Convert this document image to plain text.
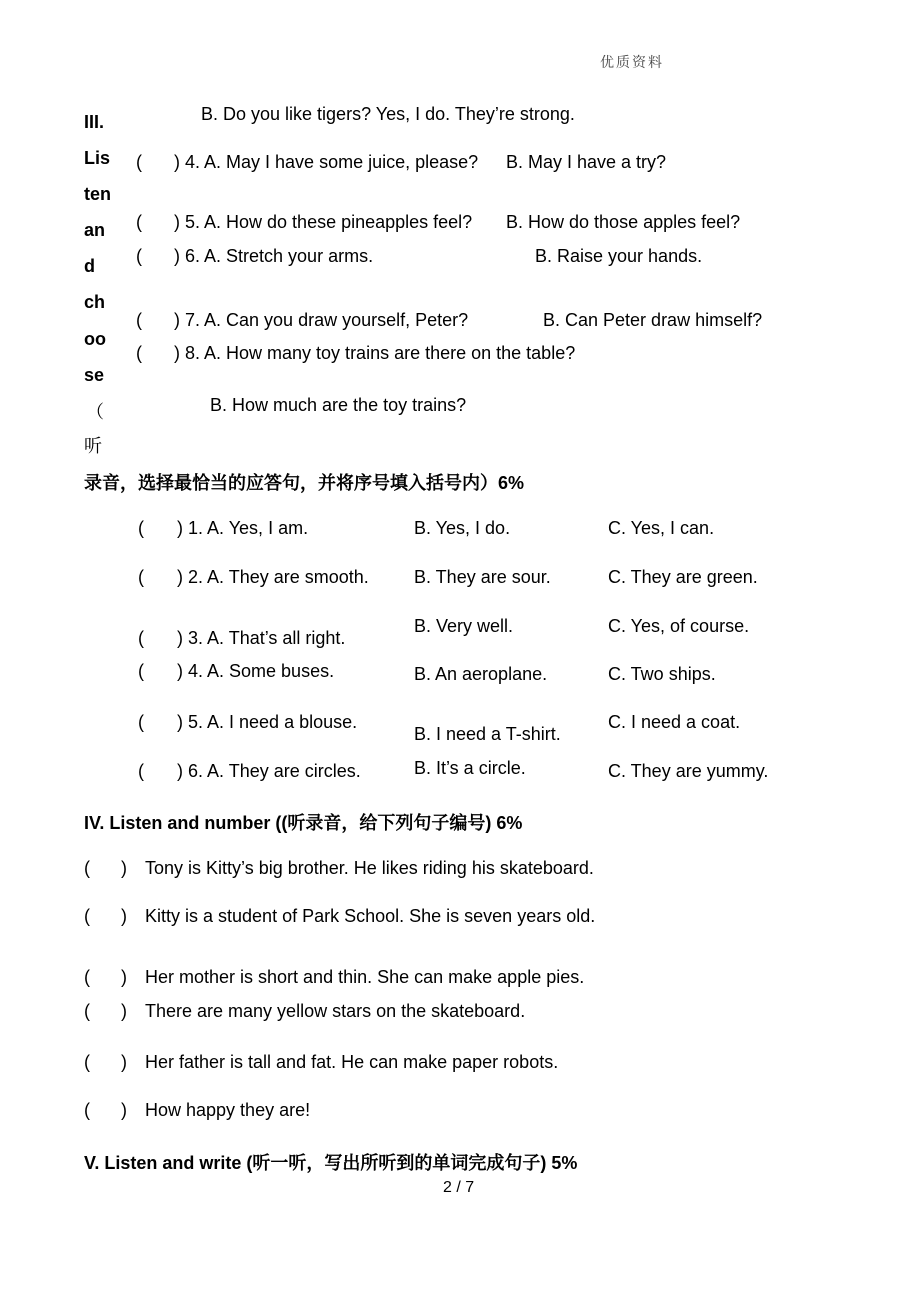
优质资料
III.
Lis
ten
an
d
ch
oo
se
（
听
录音，选择最恰当的应答句，并将序号填入括号内）6%
B. Do you like tigers? Yes, I do. They’re strong.
( ) 4. A. May I have some juice, please? B. May I have a try?
( ) 5. A. How do these pineapples feel? B. How do those apples feel?
( ) 6. A. Stretch your arms.	B. Raise your hands.
( ) 7. A. Can you draw yourself, Peter?	B. Can Peter draw himself?
( ) 8. A. How many toy trains are there on the table?
B. How much are the toy trains?
( ) 1. A. Yes, I am.	B. Yes, I do.	C. Yes, I can.
( ) 2. A. They are smooth.	B. They are sour.	C. They are green.
( ) 3. A. That’s all right.
B. Very well.	C. Yes, of course.
( ) 4. A. Some buses.	B. An aeroplane.	C. Two ships.
( ) 5. A. I need a blouse.
B. I need a T-shirt.
C. I need a coat.
( ) 6. A. They are circles.	B. It’s a circle.	C. They are yummy.
IV. Listen and number ((听录音，给下列句子编号) 6%
( ) Tony is Kitty’s big brother. He likes riding his skateboard.
( ) Kitty is a student of Park School. She is seven years old.
( ) Her mother is short and thin. She can make apple pies.
( ) There are many yellow stars on the skateboard.
( ) Her father is tall and fat. He can make paper robots.
( ) How happy they are!
V. Listen and write (听一听，写出所听到的单词完成句子) 5%
2 / 7
